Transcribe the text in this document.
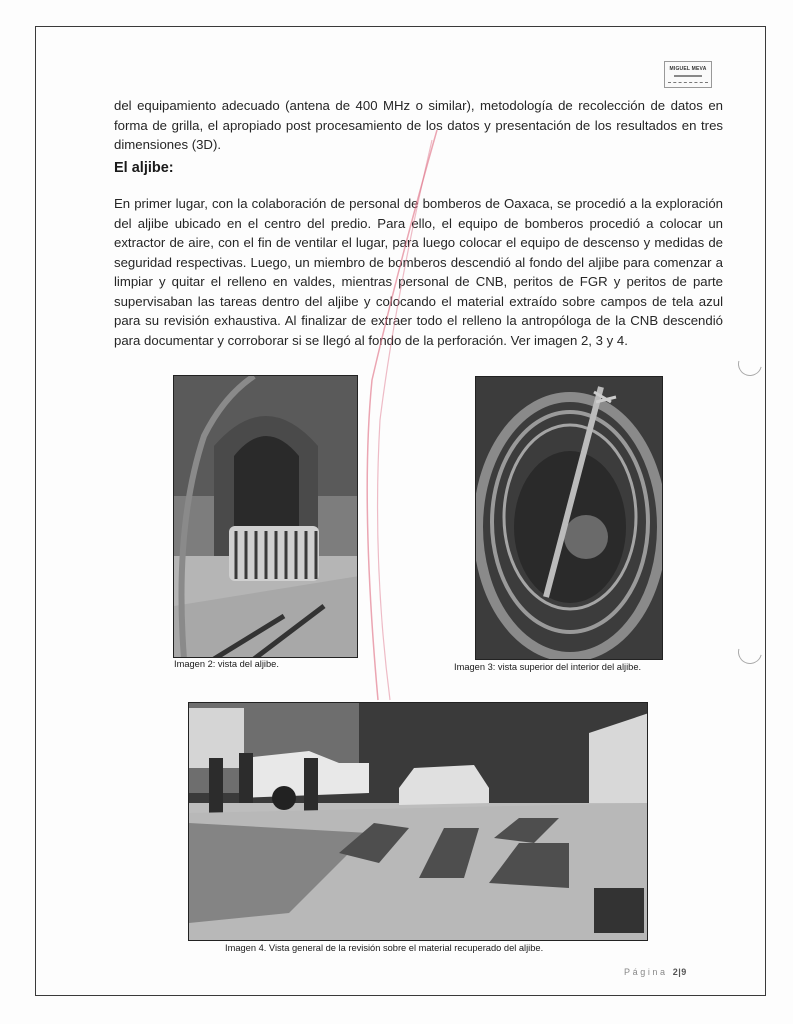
MIGUEL MEVA
del equipamiento adecuado (antena de 400 MHz o similar), metodología de recolección de datos en forma de grilla, el apropiado post procesamiento de los datos y presentación de los resultados en tres dimensiones (3D).
El aljibe:
En primer lugar, con la colaboración de personal de bomberos de Oaxaca, se procedió a la exploración del aljibe ubicado en el centro del predio. Para ello, el equipo de bomberos procedió a colocar un extractor de aire, con el fin de ventilar el lugar, para luego colocar el equipo de descenso y medidas de seguridad respectivas. Luego, un miembro de bomberos descendió al fondo del aljibe para comenzar a limpiar y quitar el relleno en valdes, mientras personal de CNB, peritos de FGR y peritos de parte supervisaban las tareas dentro del aljibe y colocando el material extraído sobre campos de tela azul para su revisión exhaustiva. Al finalizar de extraer todo el relleno la antropóloga de la CNB descendió para documentar y corroborar si se llegó al fondo de la perforación. Ver imagen 2, 3 y 4.
Imagen 2: vista del aljibe.	Imagen 3: vista superior del interior del aljibe.
Imagen 4. Vista general de la revisión sobre el material recuperado del aljibe.
Página 2|9
